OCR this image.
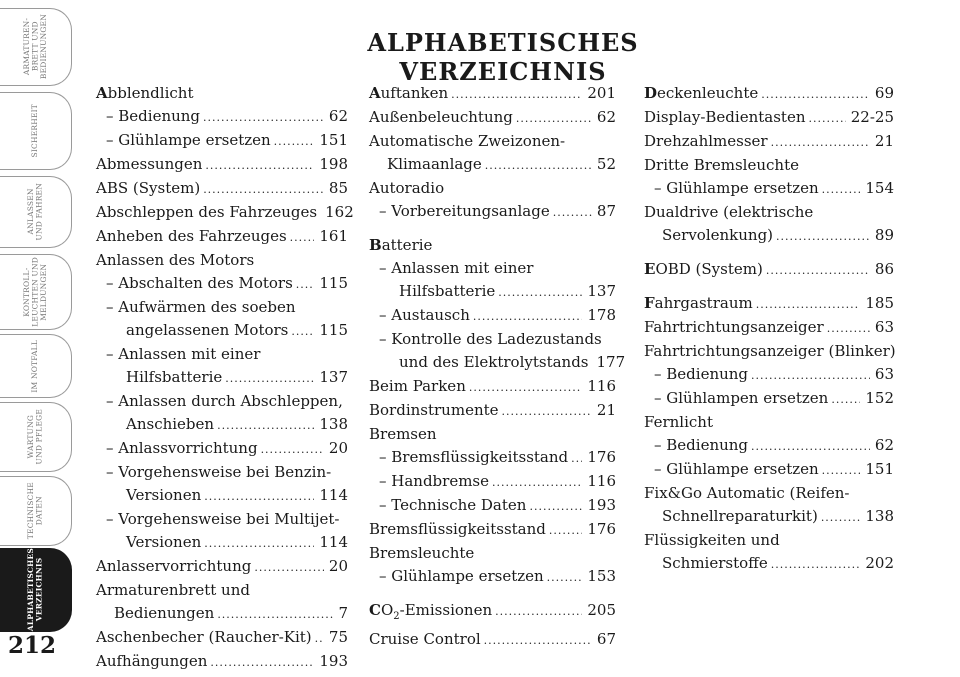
ARMATUREN-
BRETT UND
BEDIENUNGEN
SICHERHEIT
ANLASSEN
UND FAHREN
KONTROLL-
LEUCHTEN UND
MELDUNGEN
IM NOTFALL
WARTUNG
UND PFLEGE
TECHNISCHE
DATEN
ALPHABETISCHES
VERZEICHNIS
212
ALPHABETISCHES VERZEICHNIS
Abblendlicht
– Bedienung .....	62
– Glühlampe ersetzen .....	151
Abmessungen .....	198
ABS (System) .....	85
Abschleppen des Fahrzeuges 162
Anheben des Fahrzeuges ..... 161
Anlassen des Motors
– Abschalten des Motors ..... 115
– Aufwärmen des soeben
angelassenen Motors ..... 115
– Anlassen mit einer
Hilfsbatterie .....	137
– Anlassen durch Abschleppen,
Anschieben .....	138
– Anlassvorrichtung .....	20
– Vorgehensweise bei Benzin-
Versionen .....	114
– Vorgehensweise bei Multijet-
Versionen .....	114
Anlasservorrichtung .....	20
Armaturenbrett und
Bedienungen .....	7
Aschenbecher (Raucher-Kit) ..... 75
Aufhängungen .....	193
Auftanken .....	201
Außenbeleuchtung .....	62
Automatische Zweizonen-
Klimaanlage .....	52
Autoradio
– Vorbereitungsanlage .....	87
Batterie
– Anlassen mit einer
Hilfsbatterie .....	137
– Austausch .....	178
– Kontrolle des Ladezustands
und des Elektrolytstands 177
Beim Parken .....	116
Bordinstrumente .....	21
Bremsen
– Bremsflüssigkeitsstand ..... 176
– Handbremse .....	116
– Technische Daten .....	193
Bremsflüssigkeitsstand .....	176
Bremsleuchte
– Glühlampe ersetzen .....	153
$CO_2$-Emissionen .....	205
Cruise Control .....	67
Deckenleuchte .....	69
Display-Bedientasten .....	22-25
Drehzahlmesser .....	21
Dritte Bremsleuchte
– Glühlampe ersetzen .....	154
Dualdrive (elektrische
Servolenkung) .....	89
EOBD (System) .....	86
Fahrgastraum .....	185
Fahrtrichtungsanzeiger .....	63
Fahrtrichtungsanzeiger (Blinker)
– Bedienung .....	63
– Glühlampen ersetzen ..... 152
Fernlicht
– Bedienung .....	62
– Glühlampe ersetzen .....	151
Fix&Go Automatic (Reifen-
Schnellreparaturkit) .....	138
Flüssigkeiten und
Schmierstoffe .....	202
